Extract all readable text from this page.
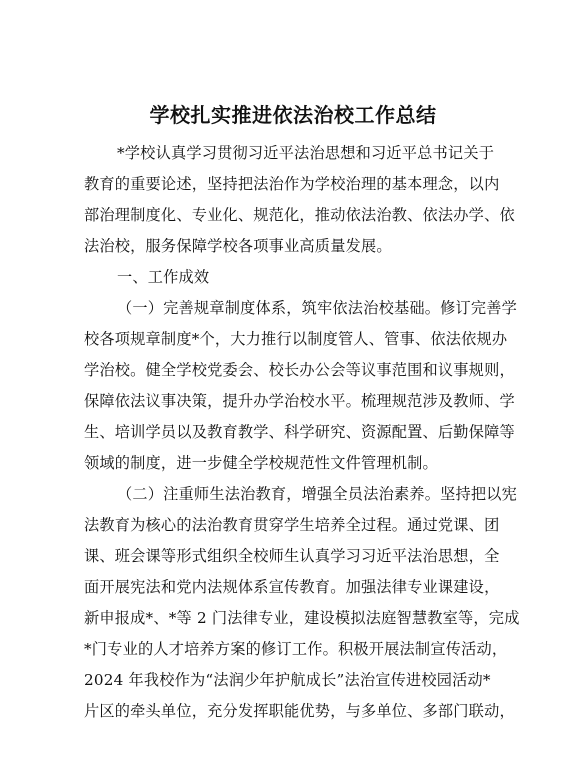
学校扎实推进依法治校工作总结
*学校认真学习贯彻习近平法治思想和习近平总书记关于
教育的重要论述，坚持把法治作为学校治理的基本理念，以内
部治理制度化、专业化、规范化，推动依法治教、依法办学、依
法治校，服务保障学校各项事业高质量发展。
一、工作成效
（一）完善规章制度体系，筑牢依法治校基础。修订完善学
校各项规章制度*个，大力推行以制度管人、管事、依法依规办
学治校。健全学校党委会、校长办公会等议事范围和议事规则，
保障依法议事决策，提升办学治校水平。梳理规范涉及教师、学
生、培训学员以及教育教学、科学研究、资源配置、后勤保障等
领域的制度，进一步健全学校规范性文件管理机制。
（二）注重师生法治教育，增强全员法治素养。坚持把以宪
法教育为核心的法治教育贯穿学生培养全过程。通过党课、团
课、班会课等形式组织全校师生认真学习习近平法治思想，全
面开展宪法和党内法规体系宣传教育。加强法律专业课建设，
新申报成*、*等 2 门法律专业，建设模拟法庭智慧教室等，完成
*门专业的人才培养方案的修订工作。积极开展法制宣传活动，
2024 年我校作为“法润少年护航成长”法治宣传进校园活动*
片区的牵头单位，充分发挥职能优势，与多单位、多部门联动，
